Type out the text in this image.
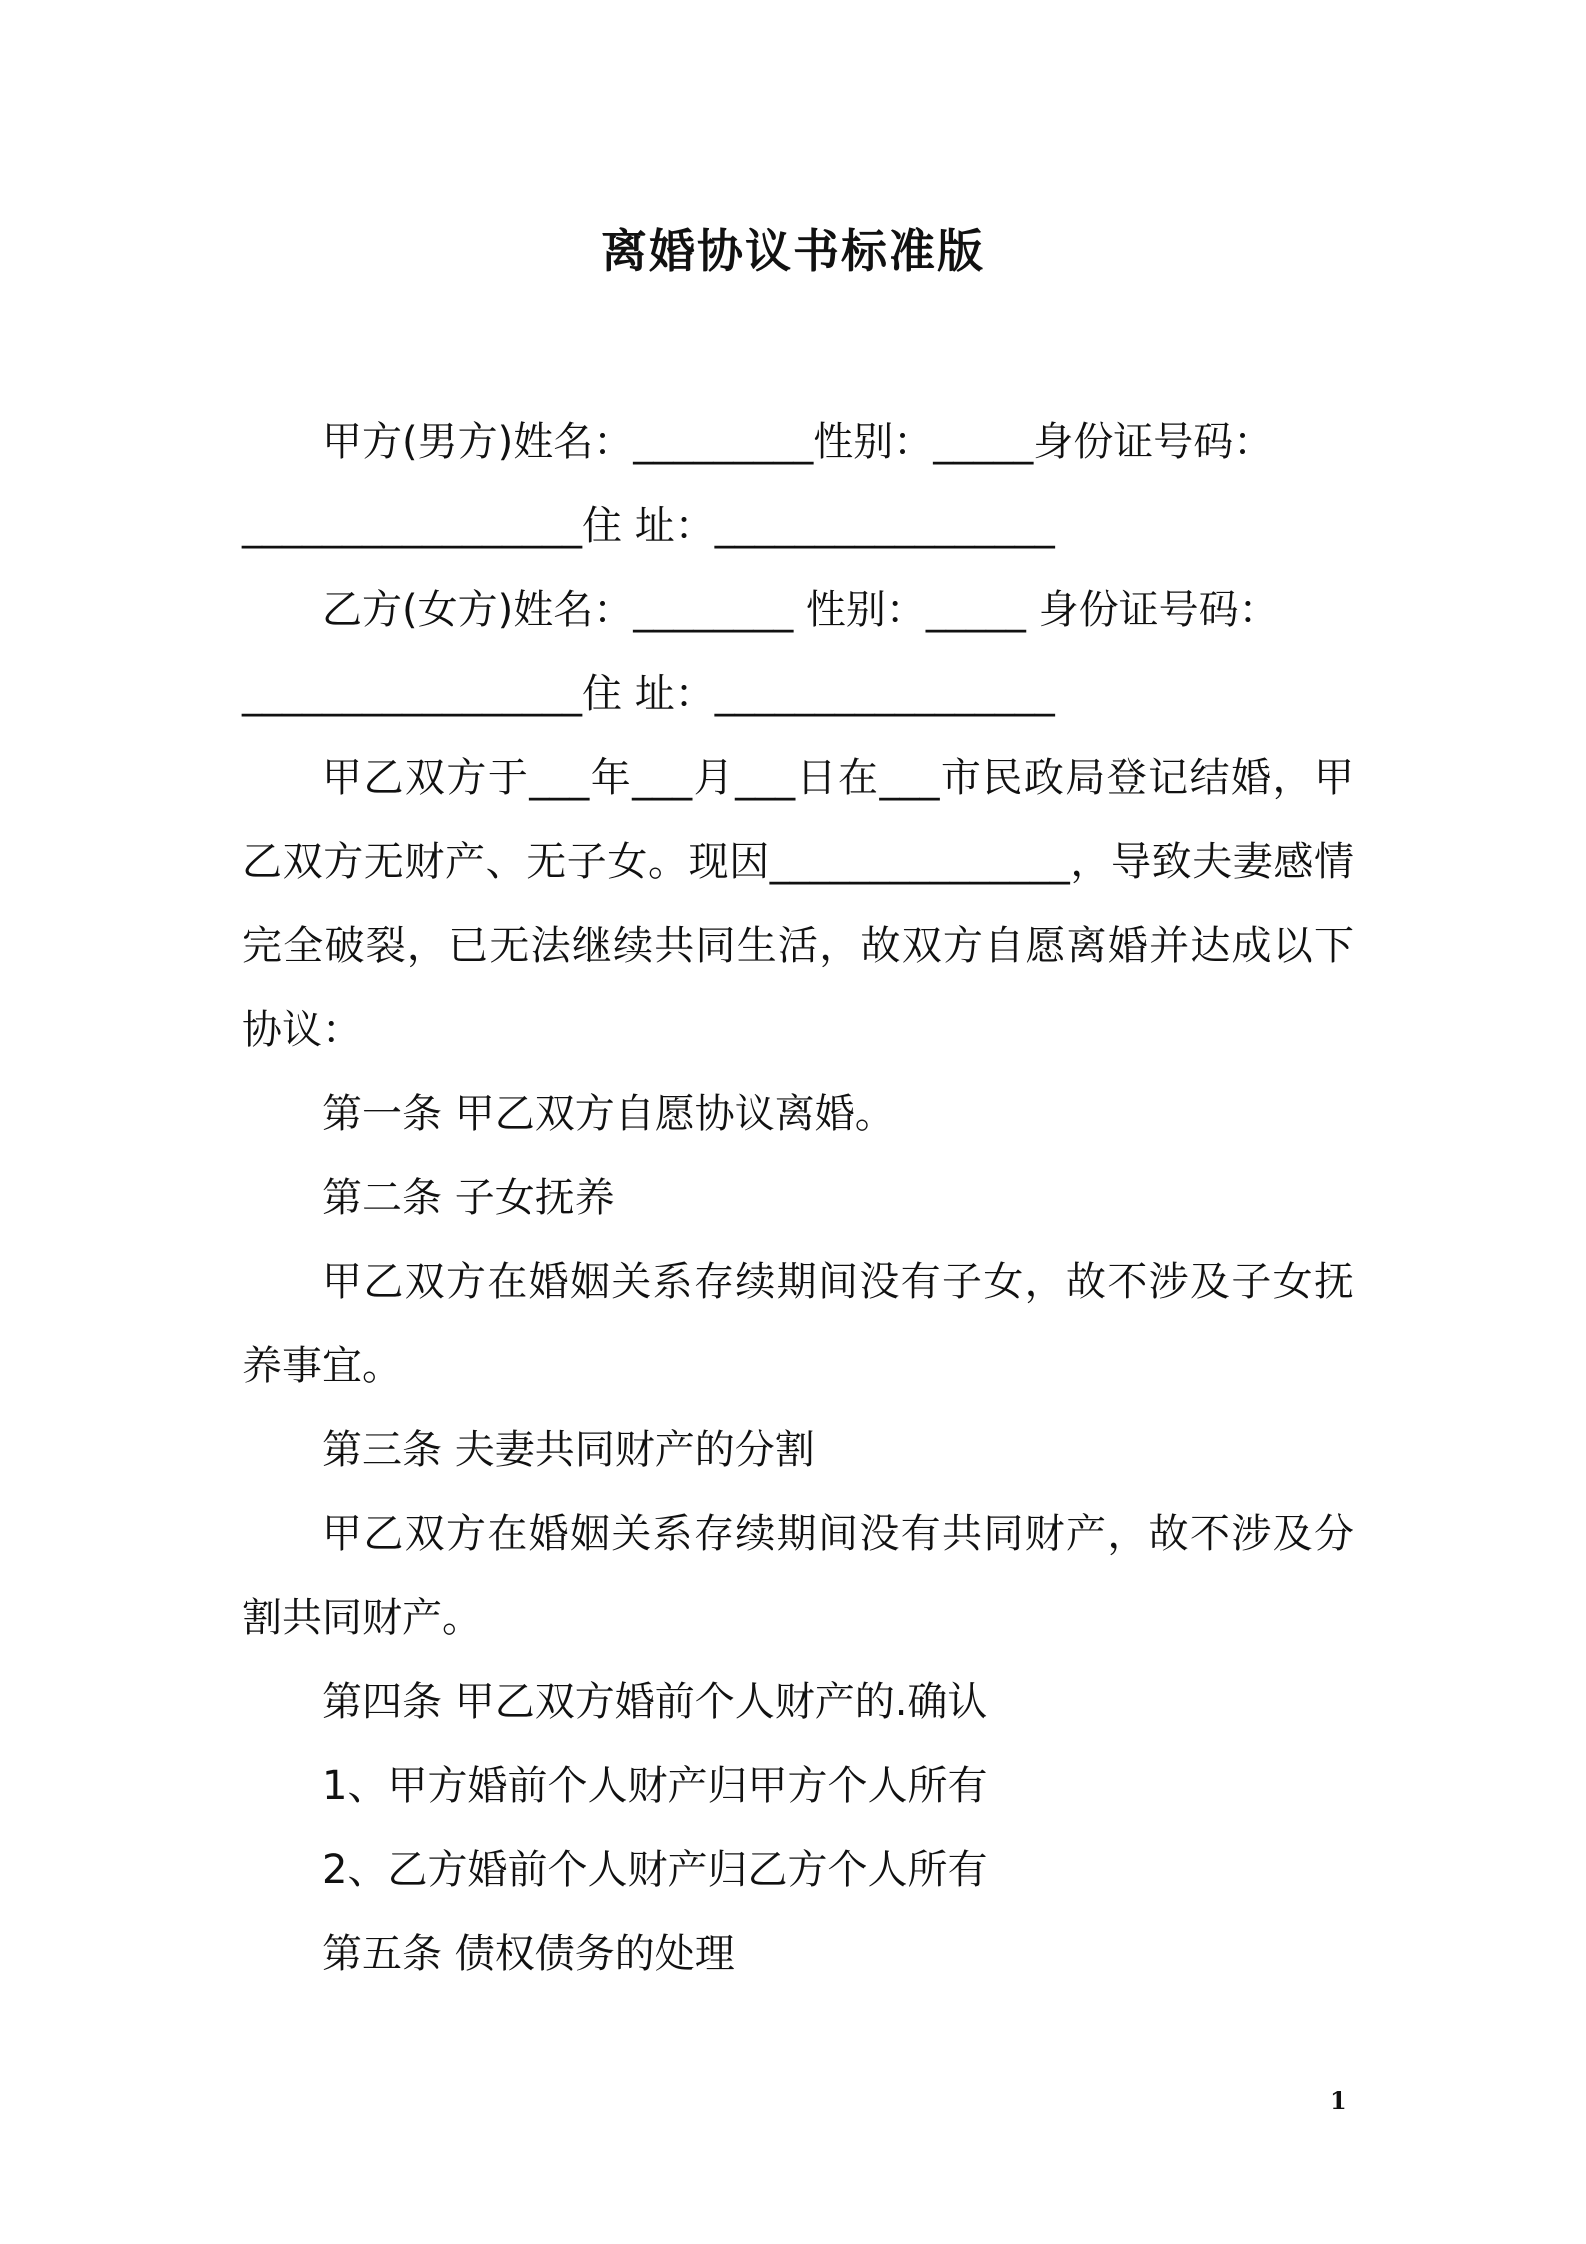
离婚协议书标准版
甲方(男方)姓名：_________性别：_____身份证号码：
_________________住 址：_________________
乙方(女方)姓名：________ 性别：_____ 身份证号码：
_________________住 址：_________________

甲乙双方于___年___月___日在___市民政局登记结婚，甲乙双方无财产、无子女。现因_______________，导致夫妻感情完全破裂，已无法继续共同生活，故双方自愿离婚并达成以下协议：

第一条 甲乙双方自愿协议离婚。

第二条 子女抚养

甲乙双方在婚姻关系存续期间没有子女，故不涉及子女抚养事宜。

第三条 夫妻共同财产的分割

甲乙双方在婚姻关系存续期间没有共同财产，故不涉及分割共同财产。

第四条 甲乙双方婚前个人财产的.确认

1、甲方婚前个人财产归甲方个人所有

2、乙方婚前个人财产归乙方个人所有

第五条 债权债务的处理

1
